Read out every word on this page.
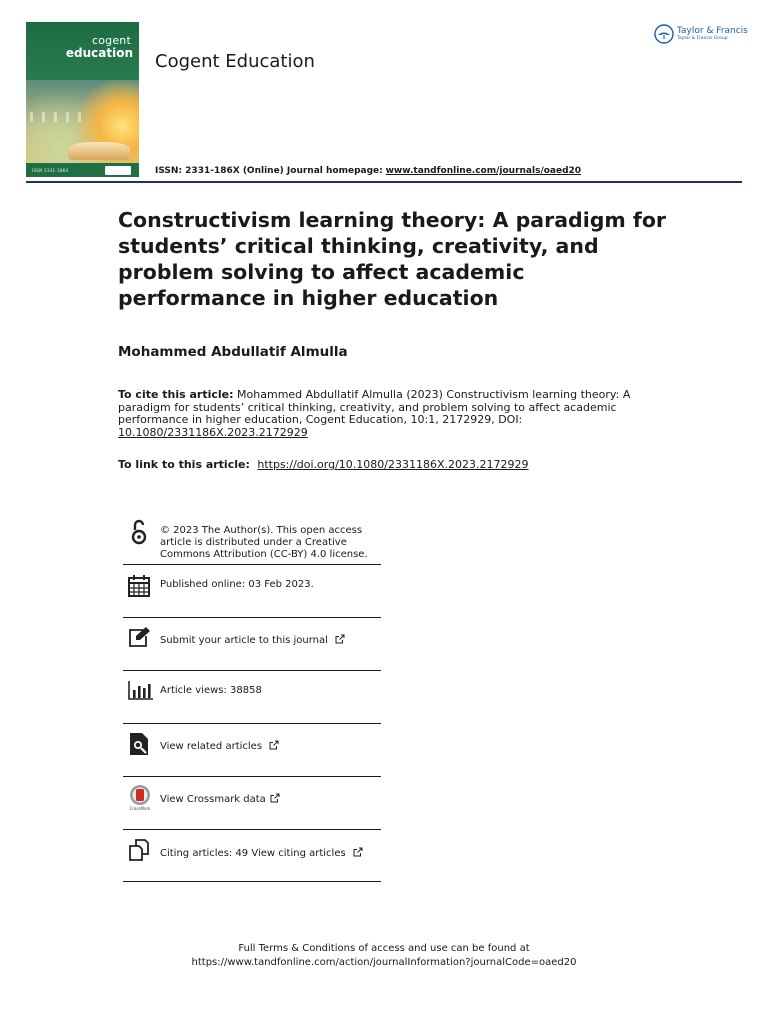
cogent
education
ISSN 2331-186X
Cogent Education
Taylor & Francis
Taylor & Francis Group
ISSN: 2331-186X (Online) Journal homepage: www.tandfonline.com/journals/oaed20
Constructivism learning theory: A paradigm for students’ critical thinking, creativity, and problem solving to affect academic performance in higher education
Mohammed Abdullatif Almulla
To cite this article: Mohammed Abdullatif Almulla (2023) Constructivism learning theory: A paradigm for students’ critical thinking, creativity, and problem solving to affect academic performance in higher education, Cogent Education, 10:1, 2172929, DOI: 10.1080/2331186X.2023.2172929
To link to this article: https://doi.org/10.1080/2331186X.2023.2172929
© 2023 The Author(s). This open access article is distributed under a Creative Commons Attribution (CC-BY) 4.0 license.
Published online: 03 Feb 2023.
Submit your article to this journal
Article views: 38858
View related articles
CrossMark
View Crossmark data
Citing articles: 49 View citing articles
Full Terms & Conditions of access and use can be found at
https://www.tandfonline.com/action/journalInformation?journalCode=oaed20
